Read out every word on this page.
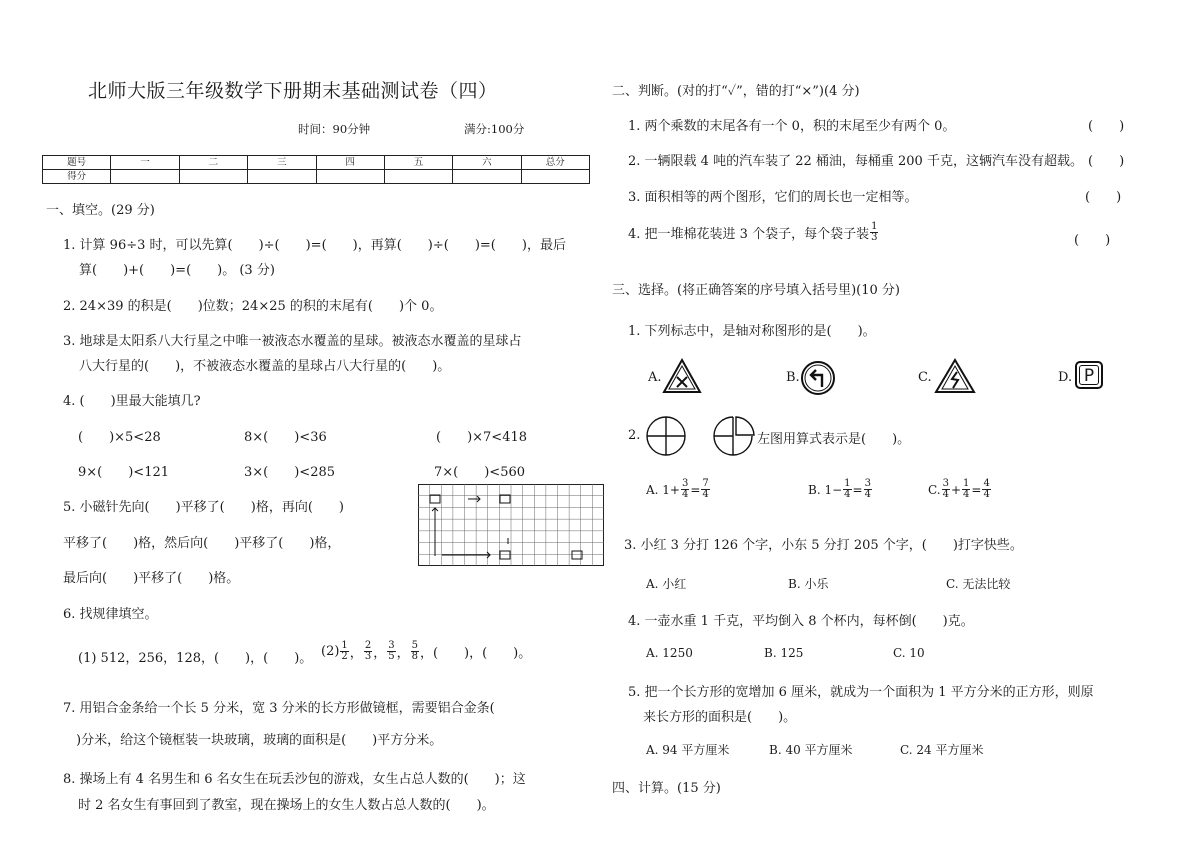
北师大版三年级数学下册期末基础测试卷（四）
时间：90分钟	满分:100分
题号	一	二	三	四	五	六	总分
得分							
一、填空。(29 分)
1. 计算 96÷3 时，可以先算(　　)÷(　　)=(　　)，再算(　　)÷(　　)=(　　)，最后
算(　　)+(　　)=(　　)。 (3 分)
2. 24×39 的积是(　　)位数；24×25 的积的末尾有(　　)个 0。
3. 地球是太阳系八大行星之中唯一被液态水覆盖的星球。被液态水覆盖的星球占
八大行星的(　　)，不被液态水覆盖的星球占八大行星的(　　)。
4. (　　)里最大能填几?
(　　)×5<28	8×(　　)<36	(　　)×7<418
9×(　　)<121	3×(　　)<285	7×(　　)<560
5. 小磁针先向(　　)平移了(　　)格，再向(　　)
平移了(　　)格，然后向(　　)平移了(　　)格，
最后向(　　)平移了(　　)格。
6. 找规律填空。
(1) 512，256，128，(　　)，(　　)。 $(2) \frac{1}{2}$ ， $\frac{2}{3}$ ， $\frac{3}{5}$ ， $\frac{5}{8}$ ，(　　)，(　　)。
7. 用铝合金条给一个长 5 分米，宽 3 分米的长方形做镜框，需要铝合金条(
)分米，给这个镜框装一块玻璃，玻璃的面积是(　　)平方分米。
8. 操场上有 4 名男生和 6 名女生在玩丢沙包的游戏，女生占总人数的(　　)；这
时 2 名女生有事回到了教室，现在操场上的女生人数占总人数的(　　)。
二、判断。(对的打“✓”，错的打“×”)(4 分)
1. 两个乘数的末尾各有一个 0，积的末尾至少有两个 0。	(　　)
2. 一辆限载 4 吨的汽车装了 22 桶油，每桶重 200 千克，这辆汽车没有超载。 (　　)
3. 面积相等的两个图形，它们的周长也一定相等。	(　　)
4. 把一堆棉花装进 3 个袋子，每个袋子装 $\frac{1}{3}$	(　　)
三、选择。(将正确答案的序号填入括号里)(10 分)
1. 下列标志中，是轴对称图形的是(　　)。
A.	B.	C.	D. P
2.	左图用算式表示是(　　)。
A. $1+ \frac{3}{4} = \frac{7}{4}$	B. $1- \frac{1}{4} = \frac{3}{4}$	C. $\frac{3}{4} + \frac{1}{4} = \frac{4}{4}$
3. 小红 3 分打 126 个字，小东 5 分打 205 个字，(　　)打字快些。
A. 小红	B. 小乐	C. 无法比较
4. 一壶水重 1 千克，平均倒入 8 个杯内，每杯倒(　　)克。
A. 1250	B. 125	C. 10
5. 把一个长方形的宽增加 6 厘米，就成为一个面积为 1 平方分米的正方形，则原
来长方形的面积是(　　)。
A. 94 平方厘米	B. 40 平方厘米	C. 24 平方厘米
四、计算。(15 分)
